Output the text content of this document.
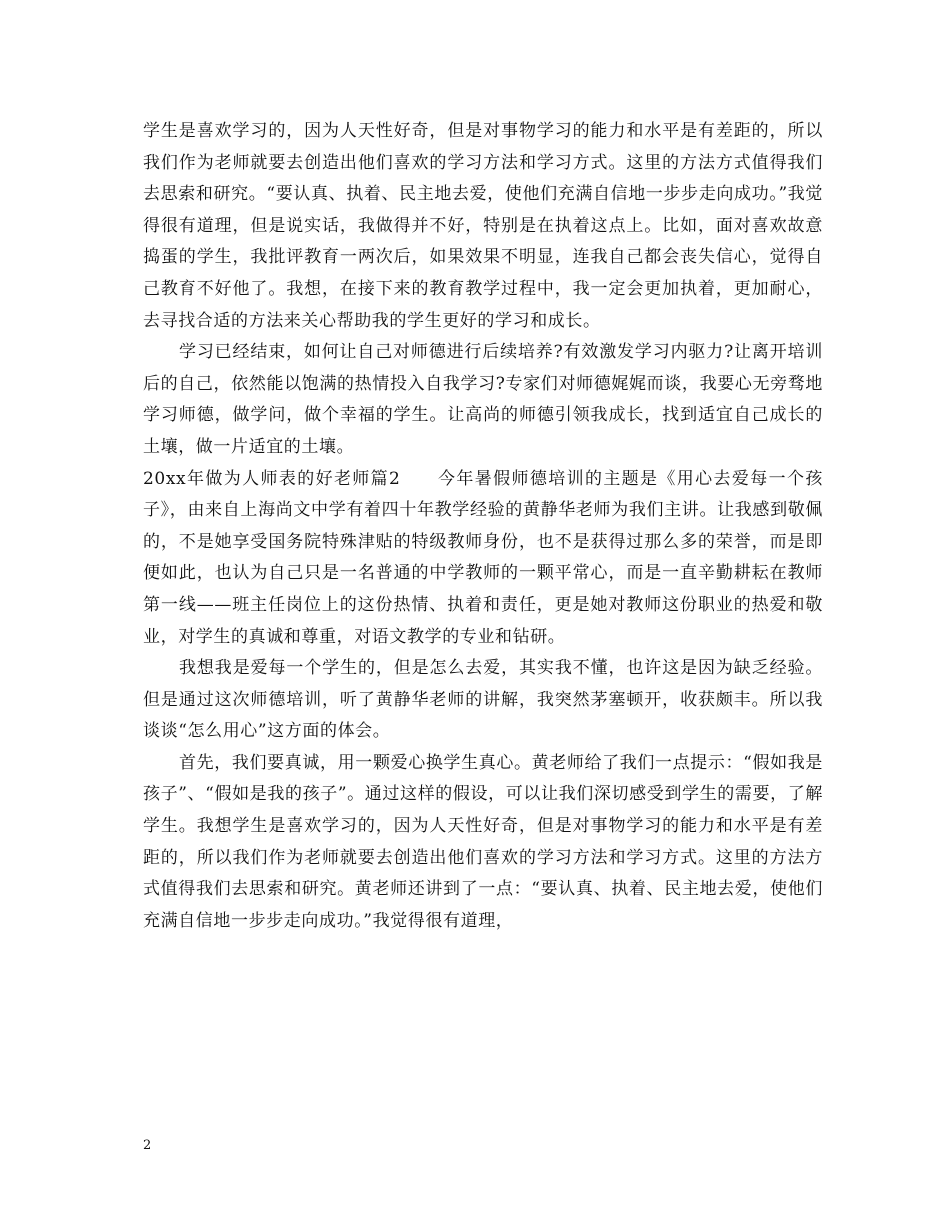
学生是喜欢学习的，因为人天性好奇，但是对事物学习的能力和水平是有差距的，所以我们作为老师就要去创造出他们喜欢的学习方法和学习方式。这里的方法方式值得我们去思索和研究。“要认真、执着、民主地去爱，使他们充满自信地一步步走向成功。”我觉得很有道理，但是说实话，我做得并不好，特别是在执着这点上。比如，面对喜欢故意捣蛋的学生，我批评教育一两次后，如果效果不明显，连我自己都会丧失信心，觉得自己教育不好他了。我想，在接下来的教育教学过程中，我一定会更加执着，更加耐心，去寻找合适的方法来关心帮助我的学生更好的学习和成长。

学习已经结束，如何让自己对师德进行后续培养?有效激发学习内驱力?让离开培训后的自己，依然能以饱满的热情投入自我学习?专家们对师德娓娓而谈，我要心无旁骛地学习师德，做学问，做个幸福的学生。让高尚的师德引领我成长，找到适宜自己成长的土壤，做一片适宜的土壤。

20xx年做为人师表的好老师篇2　　今年暑假师德培训的主题是《用心去爱每一个孩子》，由来自上海尚文中学有着四十年教学经验的黄静华老师为我们主讲。让我感到敬佩的，不是她享受国务院特殊津贴的特级教师身份，也不是获得过那么多的荣誉，而是即便如此，也认为自己只是一名普通的中学教师的一颗平常心，而是一直辛勤耕耘在教师第一线——班主任岗位上的这份热情、执着和责任，更是她对教师这份职业的热爱和敬业，对学生的真诚和尊重，对语文教学的专业和钻研。

我想我是爱每一个学生的，但是怎么去爱，其实我不懂，也许这是因为缺乏经验。但是通过这次师德培训，听了黄静华老师的讲解，我突然茅塞顿开，收获颇丰。所以我谈谈“怎么用心”这方面的体会。

首先，我们要真诚，用一颗爱心换学生真心。黄老师给了我们一点提示：“假如我是孩子”、“假如是我的孩子”。通过这样的假设，可以让我们深切感受到学生的需要，了解学生。我想学生是喜欢学习的，因为人天性好奇，但是对事物学习的能力和水平是有差距的，所以我们作为老师就要去创造出他们喜欢的学习方法和学习方式。这里的方法方式值得我们去思索和研究。黄老师还讲到了一点：“要认真、执着、民主地去爱，使他们充满自信地一步步走向成功。”我觉得很有道理，

2
